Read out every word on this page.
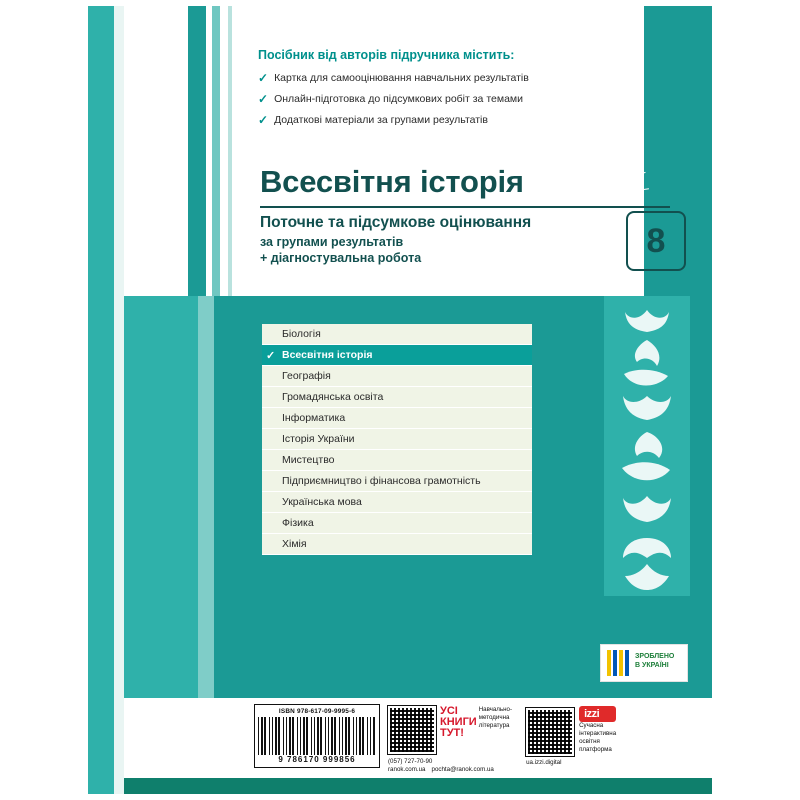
Посібник від авторів підручника містить:
✓ Картка для самооцінювання навчальних результатів
✓ Онлайн-підготовка до підсумкових робіт за темами
✓ Додаткові матеріали за групами результатів
Всесвітня історія
Поточне та підсумкове оцінювання
за групами результатів
+ діагностувальна робота	8
Біологія
✓ Всесвітня історія
Географія
Громадянська освіта
Інформатика
Історія України
Мистецтво
Підприємництво і фінансова грамотність
Українська мова
Фізика
Хімія
ЗРОБЛЕНО
В УКРАЇНІ
ISBN 978-617-09-9995-6
9 786170 999856
УСІ
КНИГИ
ТУТ!
Навчально-
методична
література
(057) 727-70-90
ranok.com.ua pochta@ranok.com.ua
izzi
Сучасна
інтерактивна
освітня
платформа
ua.izzi.digital
